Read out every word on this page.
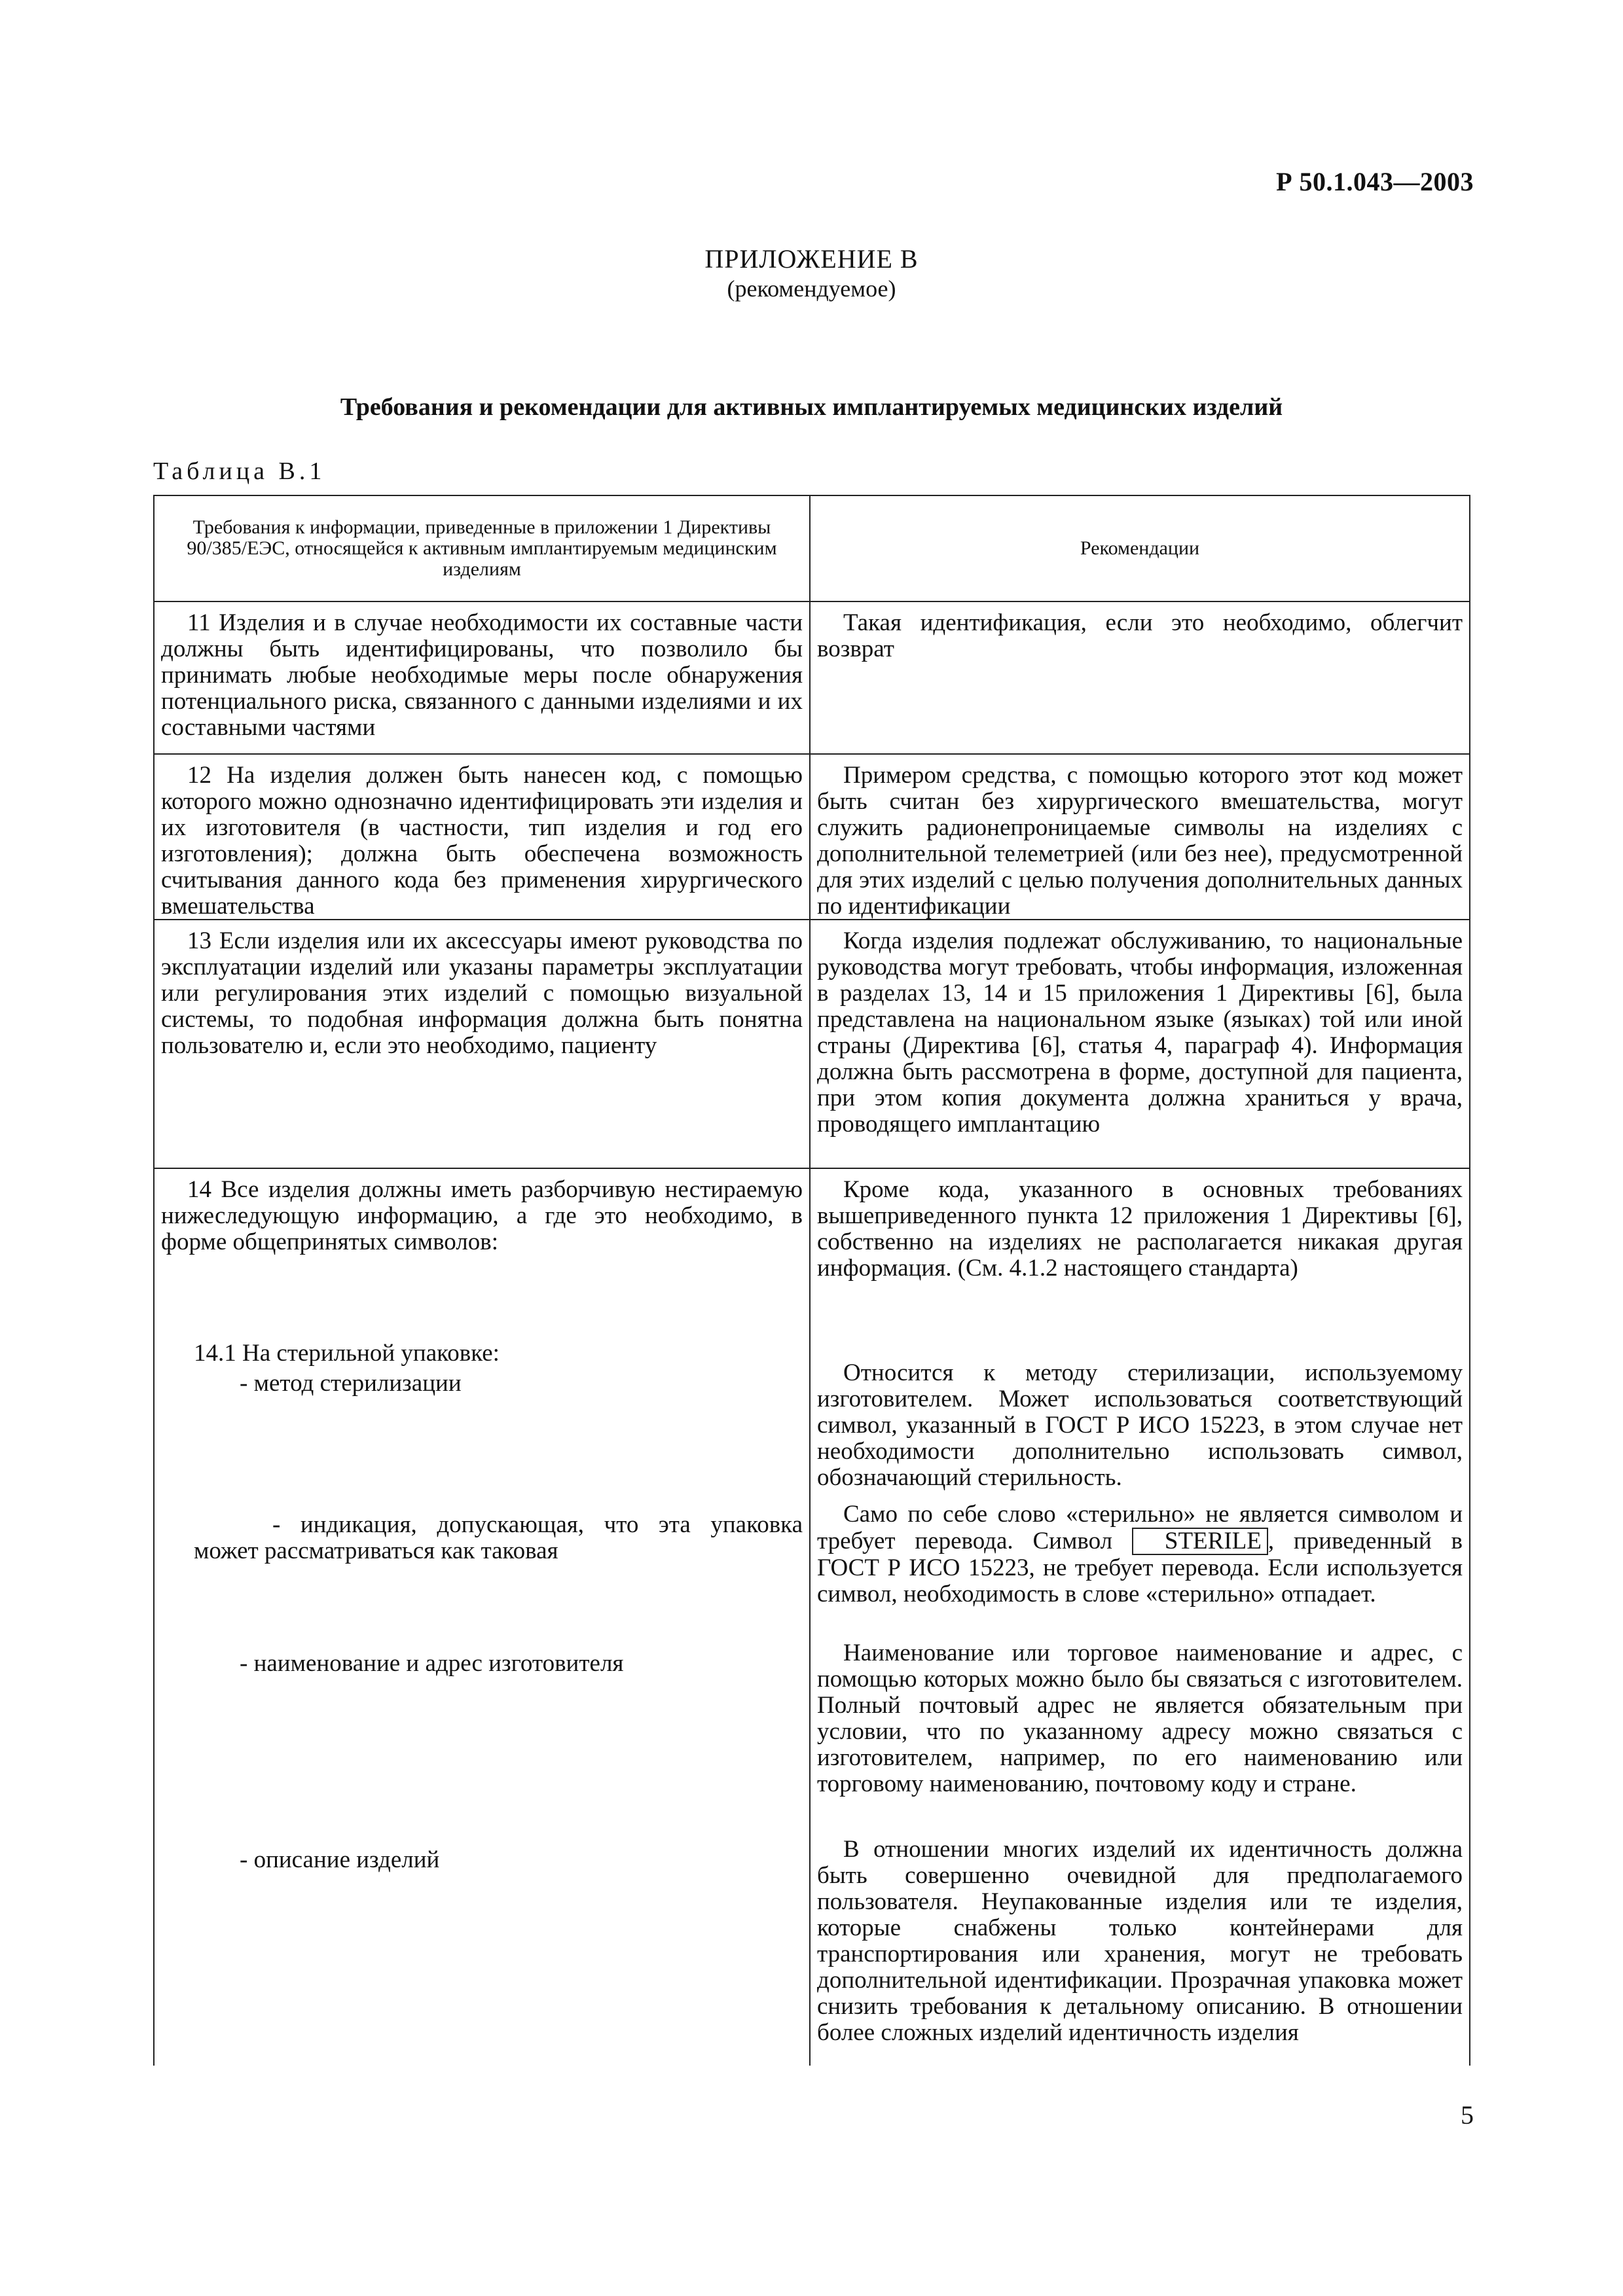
Р 50.1.043—2003
ПРИЛОЖЕНИЕ В
(рекомендуемое)
Требования и рекомендации для активных имплантируемых медицинских изделий
Таблица В.1
Требования к информации, приведенные в приложении 1 Директивы 90/385/ЕЭС, относящейся к активным имплантируемым медицинским изделиям
Рекомендации
11 Изделия и в случае необходимости их составные части должны быть идентифицированы, что позволило бы принимать любые необходимые меры после обнаружения потенциального риска, связанного с данными изделиями и их составными частями
Такая идентификация, если это необходимо, облегчит возврат
12 На изделия должен быть нанесен код, с помощью которого можно однозначно идентифицировать эти изделия и их изготовителя (в частности, тип изделия и год его изготовления); должна быть обеспечена возможность считывания данного кода без применения хирургического вмешательства
Примером средства, с помощью которого этот код может быть считан без хирургического вмешательства, могут служить радионепроницаемые символы на изделиях с дополнительной телеметрией (или без нее), предусмотренной для этих изделий с целью получения дополнительных данных по идентификации
13 Если изделия или их аксессуары имеют руководства по эксплуатации изделий или указаны параметры эксплуатации или регулирования этих изделий с помощью визуальной системы, то подобная информация должна быть понятна пользователю и, если это необходимо, пациенту
Когда изделия подлежат обслуживанию, то национальные руководства могут требовать, чтобы информация, изложенная в разделах 13, 14 и 15 приложения 1 Директивы [6], была представлена на национальном языке (языках) той или иной страны (Директива [6], статья 4, параграф 4). Информация должна быть рассмотрена в форме, доступной для пациента, при этом копия документа должна храниться у врача, проводящего имплантацию
14 Все изделия должны иметь разборчивую нестираемую нижеследующую информацию, а где это необходимо, в форме общепринятых символов:
14.1 На стерильной упаковке:
- метод стерилизации
- индикация, допускающая, что эта упаковка может рассматриваться как таковая
- наименование и адрес изготовителя
- описание изделий
Кроме кода, указанного в основных требованиях вышеприведенного пункта 12 приложения 1 Директивы [6], собственно на изделиях не располагается никакая другая информация. (См. 4.1.2 настоящего стандарта)
Относится к методу стерилизации, используемому изготовителем. Может использоваться соответствующий символ, указанный в ГОСТ Р ИСО 15223, в этом случае нет необходимости дополнительно использовать символ, обозначающий стерильность.
Само по себе слово «стерильно» не является символом и требует перевода. Символ STERILE , приведенный в ГОСТ Р ИСО 15223, не требует перевода. Если используется символ, необходимость в слове «стерильно» отпадает.
Наименование или торговое наименование и адрес, с помощью которых можно было бы связаться с изготовителем. Полный почтовый адрес не является обязательным при условии, что по указанному адресу можно связаться с изготовителем, например, по его наименованию или торговому наименованию, почтовому коду и стране.
В отношении многих изделий их идентичность должна быть совершенно очевидной для предполагаемого пользователя. Неупакованные изделия или те изделия, которые снабжены только контейнерами для транспортирования или хранения, могут не требовать дополнительной идентификации. Прозрачная упаковка может снизить требования к детальному описанию. В отношении более сложных изделий идентичность изделия
5
